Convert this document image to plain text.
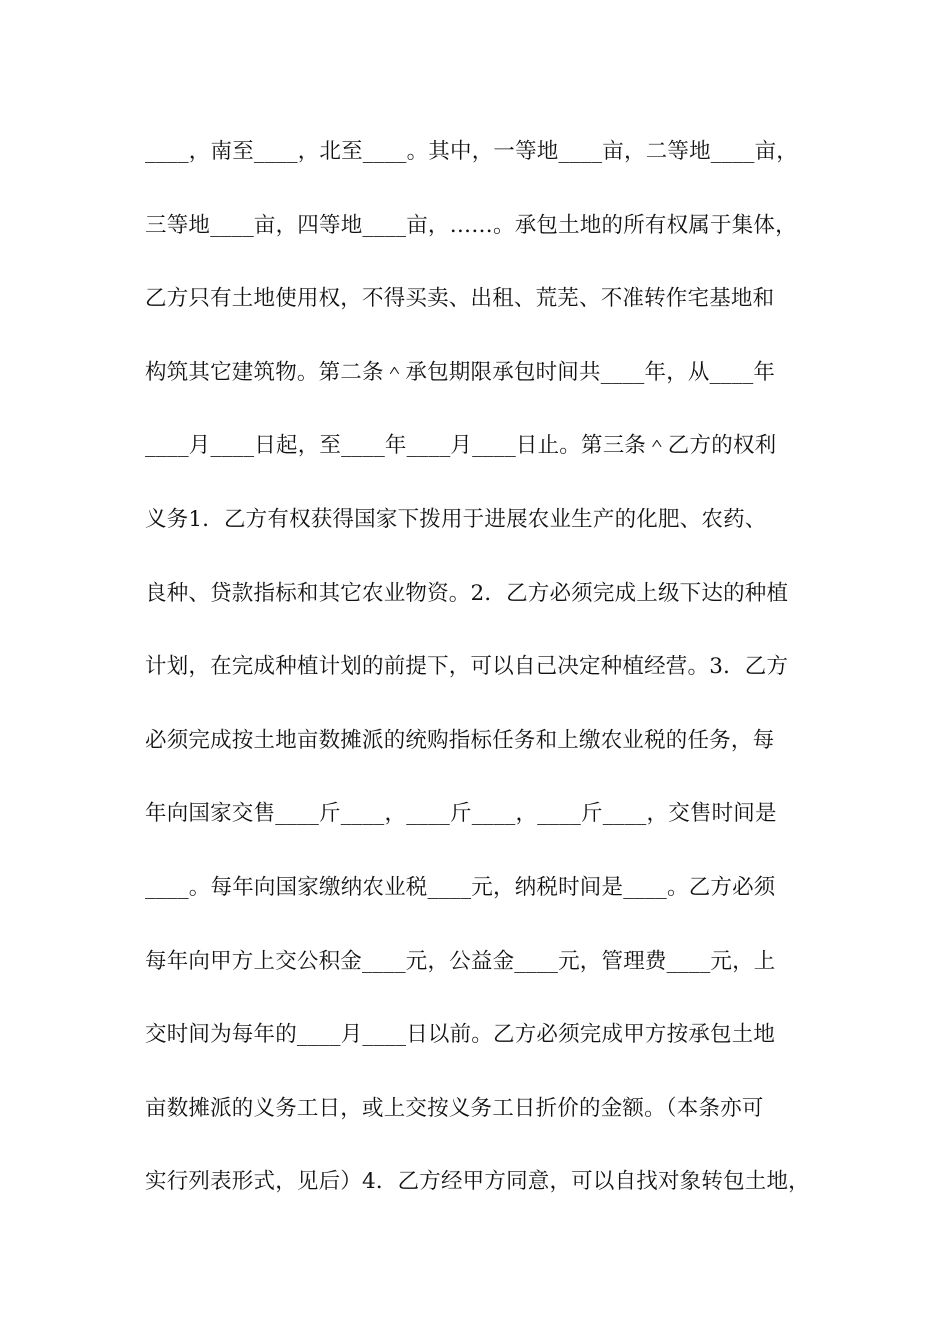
____，南至____，北至____。其中，一等地____亩，二等地____亩，
三等地____亩，四等地____亩，……。承包土地的所有权属于集体，
乙方只有土地使用权，不得买卖、出租、荒芜、不准转作宅基地和
构筑其它建筑物。第二条＾承包期限承包时间共____年，从____年
____月____日起，至____年____月____日止。第三条＾乙方的权利
义务1．乙方有权获得国家下拨用于进展农业生产的化肥、农药、
良种、贷款指标和其它农业物资。2．乙方必须完成上级下达的种植
计划，在完成种植计划的前提下，可以自己决定种植经营。3．乙方
必须完成按土地亩数摊派的统购指标任务和上缴农业税的任务，每
年向国家交售____斤____，____斤____，____斤____，交售时间是
____。每年向国家缴纳农业税____元，纳税时间是____。乙方必须
每年向甲方上交公积金____元，公益金____元，管理费____元，上
交时间为每年的____月____日以前。乙方必须完成甲方按承包土地
亩数摊派的义务工日，或上交按义务工日折价的金额。（本条亦可
实行列表形式，见后）4．乙方经甲方同意，可以自找对象转包土地，
